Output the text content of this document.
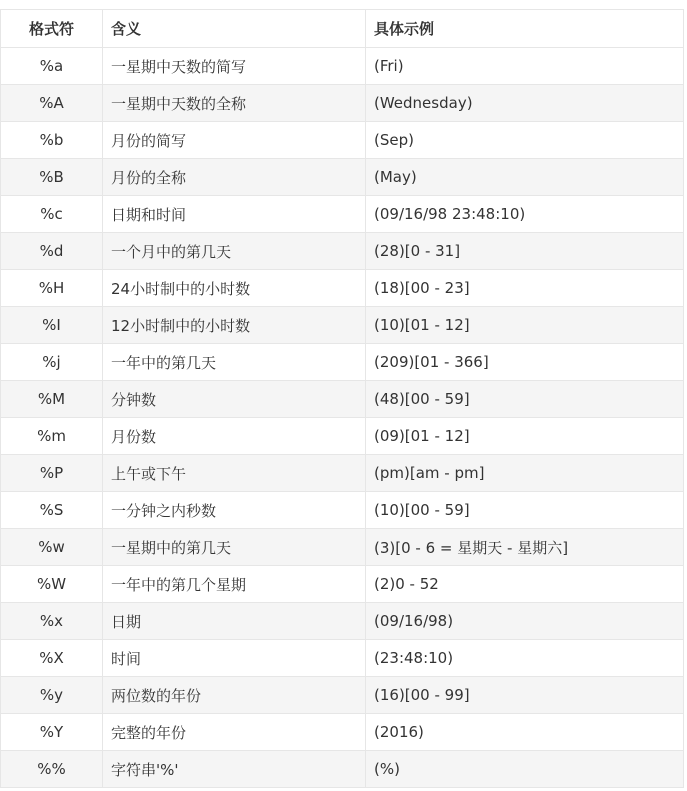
格式符	含义	具体示例
%a	一星期中天数的简写	(Fri)
%A	一星期中天数的全称	(Wednesday)
%b	月份的简写	(Sep)
%B	月份的全称	(May)
%c	日期和时间	(09/16/98 23:48:10)
%d	一个月中的第几天	(28)[0 - 31]
%H	24小时制中的小时数	(18)[00 - 23]
%I	12小时制中的小时数	(10)[01 - 12]
%j	一年中的第几天	(209)[01 - 366]
%M	分钟数	(48)[00 - 59]
%m	月份数	(09)[01 - 12]
%P	上午或下午	(pm)[am - pm]
%S	一分钟之内秒数	(10)[00 - 59]
%w	一星期中的第几天	(3)[0 - 6 = 星期天 - 星期六]
%W	一年中的第几个星期	(2)0 - 52
%x	日期	(09/16/98)
%X	时间	(23:48:10)
%y	两位数的年份	(16)[00 - 99]
%Y	完整的年份	(2016)
%%	字符串'%'	(%)
